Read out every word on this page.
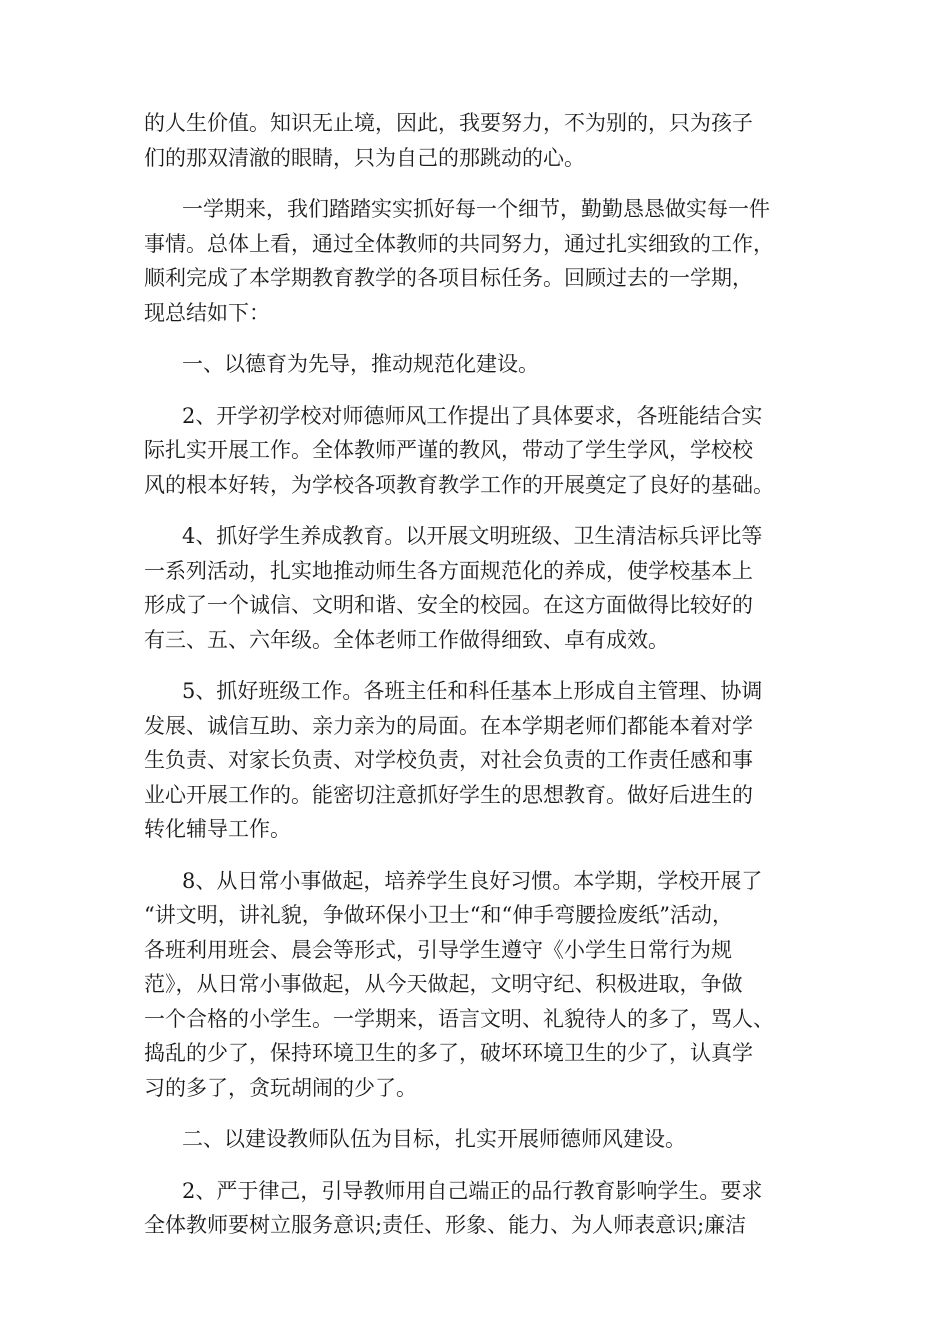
的人生价值。知识无止境，因此，我要努力，不为别的，只为孩子
们的那双清澈的眼睛，只为自己的那跳动的心。
一学期来，我们踏踏实实抓好每一个细节，勤勤恳恳做实每一件
事情。总体上看，通过全体教师的共同努力，通过扎实细致的工作，
顺利完成了本学期教育教学的各项目标任务。回顾过去的一学期，
现总结如下：
一、以德育为先导，推动规范化建设。
2、开学初学校对师德师风工作提出了具体要求，各班能结合实
际扎实开展工作。全体教师严谨的教风，带动了学生学风，学校校
风的根本好转，为学校各项教育教学工作的开展奠定了良好的基础。
4、抓好学生养成教育。以开展文明班级、卫生清洁标兵评比等
一系列活动，扎实地推动师生各方面规范化的养成，使学校基本上
形成了一个诚信、文明和谐、安全的校园。在这方面做得比较好的
有三、五、六年级。全体老师工作做得细致、卓有成效。
5、抓好班级工作。各班主任和科任基本上形成自主管理、协调
发展、诚信互助、亲力亲为的局面。在本学期老师们都能本着对学
生负责、对家长负责、对学校负责，对社会负责的工作责任感和事
业心开展工作的。能密切注意抓好学生的思想教育。做好后进生的
转化辅导工作。
8、从日常小事做起，培养学生良好习惯。本学期，学校开展了
“讲文明，讲礼貌，争做环保小卫士“和“伸手弯腰捡废纸”活动，
各班利用班会、晨会等形式，引导学生遵守《小学生日常行为规
范》，从日常小事做起，从今天做起，文明守纪、积极进取，争做
一个合格的小学生。一学期来，语言文明、礼貌待人的多了，骂人、
捣乱的少了，保持环境卫生的多了，破坏环境卫生的少了，认真学
习的多了，贪玩胡闹的少了。
二、以建设教师队伍为目标，扎实开展师德师风建设。
2、严于律己，引导教师用自己端正的品行教育影响学生。要求
全体教师要树立服务意识;责任、形象、能力、为人师表意识;廉洁
